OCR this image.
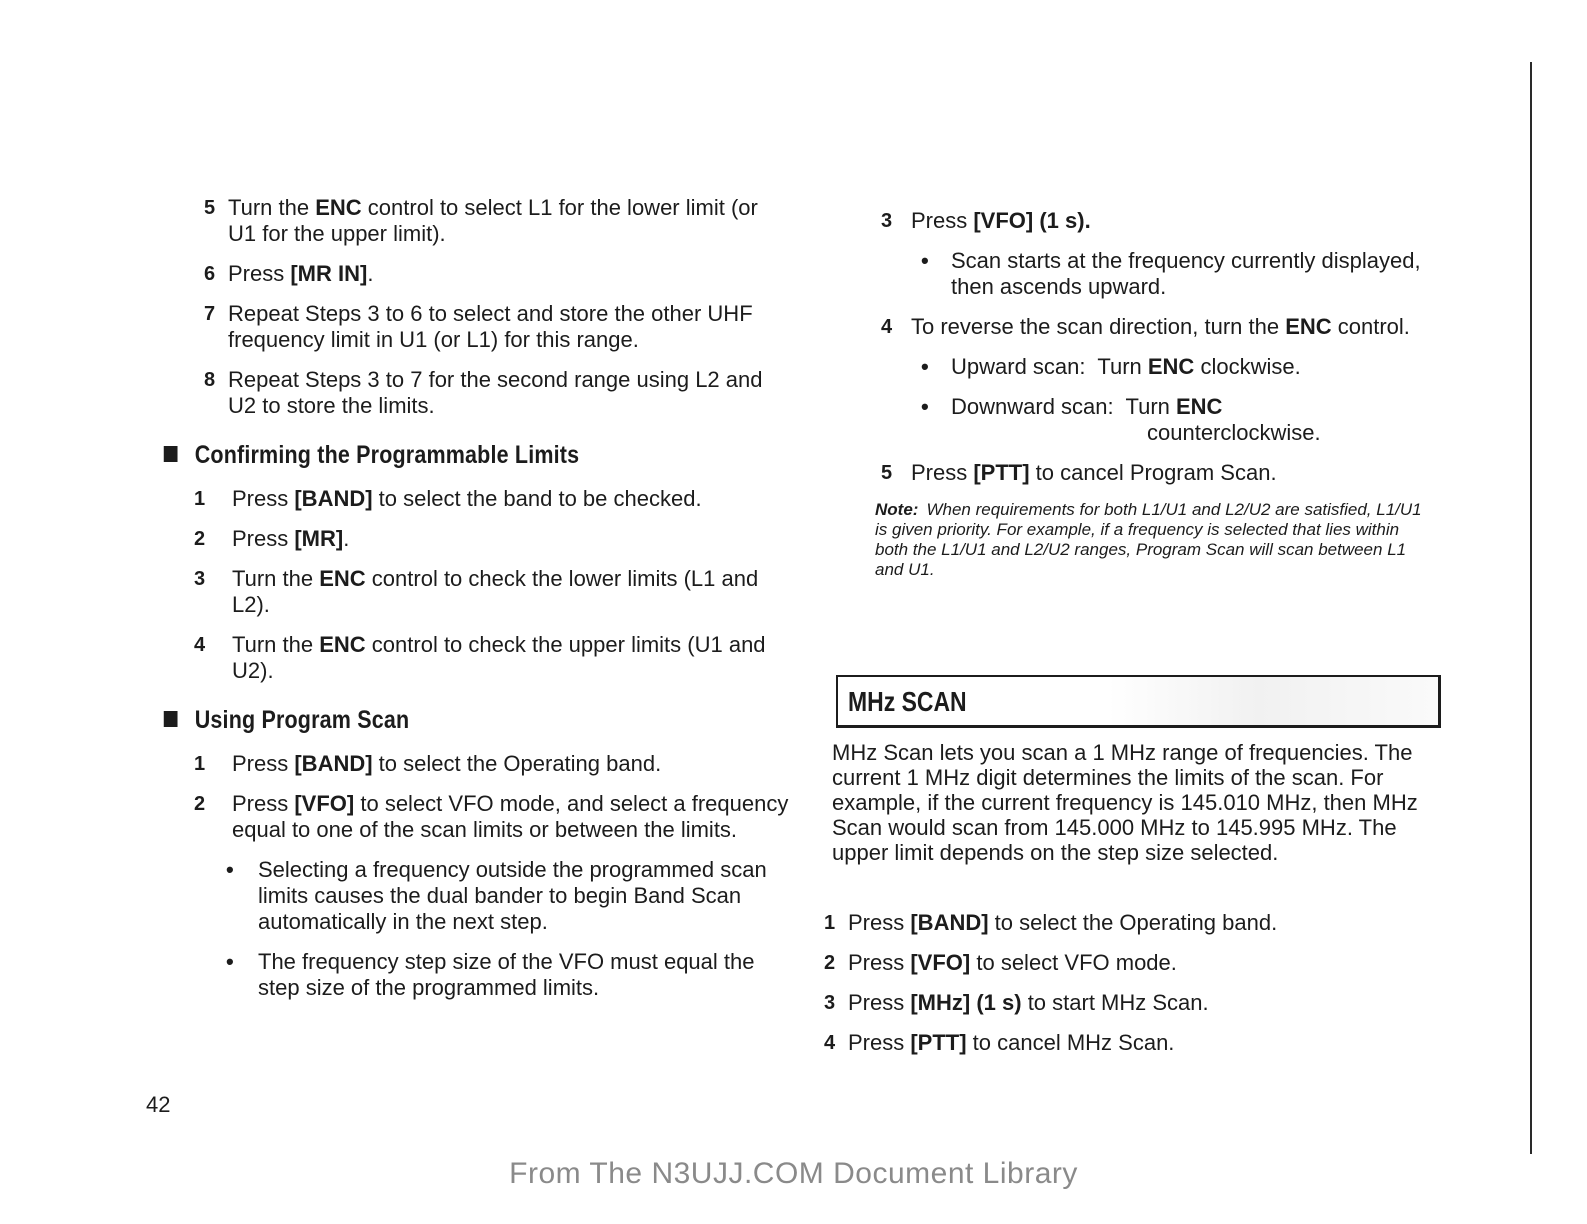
5 Turn the ENC control to select L1 for the lower limit (or U1 for the upper limit).
6 Press [MR IN].
7 Repeat Steps 3 to 6 to select and store the other UHF frequency limit in U1 (or L1) for this range.
8 Repeat Steps 3 to 7 for the second range using L2 and U2 to store the limits.
Confirming the Programmable Limits
1 Press [BAND] to select the band to be checked.
2 Press [MR].
3 Turn the ENC control to check the lower limits (L1 and L2).
4 Turn the ENC control to check the upper limits (U1 and U2).
Using Program Scan
1 Press [BAND] to select the Operating band.
2 Press [VFO] to select VFO mode, and select a frequency equal to one of the scan limits or between the limits.
• Selecting a frequency outside the programmed scan limits causes the dual bander to begin Band Scan automatically in the next step.
• The frequency step size of the VFO must equal the step size of the programmed limits.
3 Press [VFO] (1 s).
• Scan starts at the frequency currently displayed, then ascends upward.
4 To reverse the scan direction, turn the ENC control.
• Upward scan: Turn ENC clockwise.
• Downward scan: Turn ENC
counterclockwise.
5 Press [PTT] to cancel Program Scan.
Note: When requirements for both L1/U1 and L2/U2 are satisfied, L1/U1 is given priority. For example, if a frequency is selected that lies within both the L1/U1 and L2/U2 ranges, Program Scan will scan between L1 and U1.
MHz SCAN
MHz Scan lets you scan a 1 MHz range of frequencies. The current 1 MHz digit determines the limits of the scan. For example, if the current frequency is 145.010 MHz, then MHz Scan would scan from 145.000 MHz to 145.995 MHz. The upper limit depends on the step size selected.
1 Press [BAND] to select the Operating band.
2 Press [VFO] to select VFO mode.
3 Press [MHz] (1 s) to start MHz Scan.
4 Press [PTT] to cancel MHz Scan.
42
From The N3UJJ.COM Document Library
